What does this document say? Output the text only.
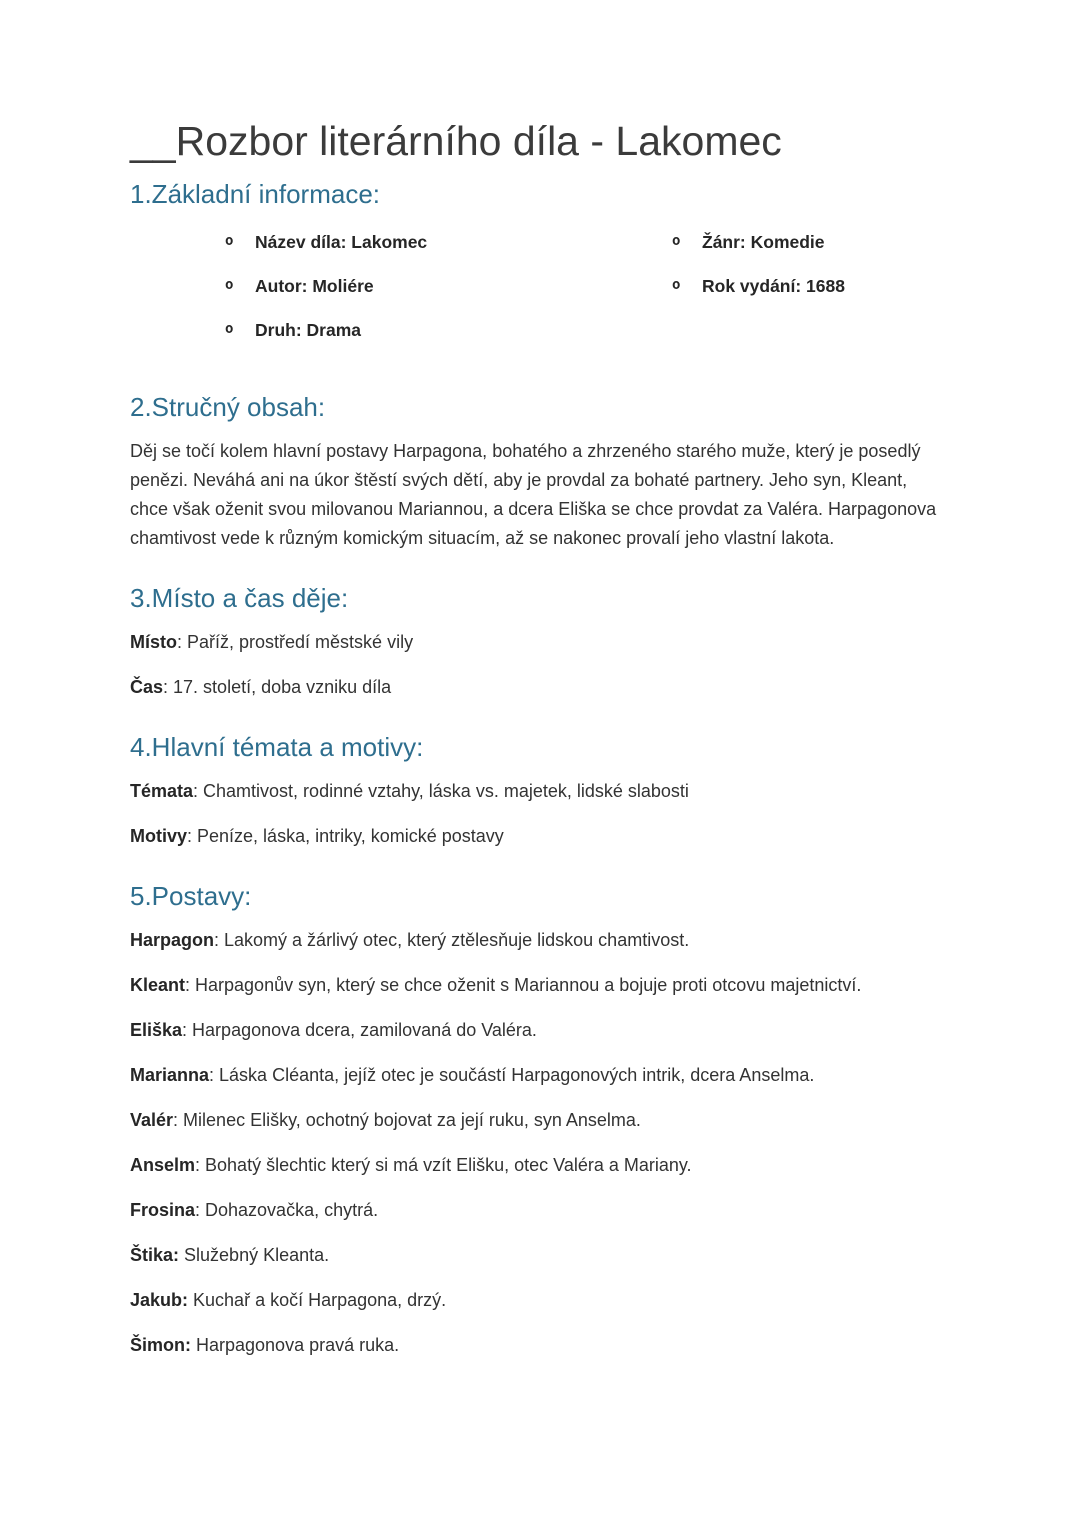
__Rozbor literárního díla - Lakomec
1.Základní informace:
o	Název díla: Lakomec
o	Autor: Moliére
o	Druh: Drama
o	Žánr: Komedie
o	Rok vydání: 1688
2.Stručný obsah:

Děj se točí kolem hlavní postavy Harpagona, bohatého a zhrzeného starého muže, který je posedlý penězi. Neváhá ani na úkor štěstí svých dětí, aby je provdal za bohaté partnery. Jeho syn, Kleant, chce však oženit svou milovanou Mariannou, a dcera Eliška se chce provdat za Valéra. Harpagonova chamtivost vede k různým komickým situacím, až se nakonec provalí jeho vlastní lakota.

3.Místo a čas děje:

Místo: Paříž, prostředí městské vily

Čas: 17. století, doba vzniku díla

4.Hlavní témata a motivy:

Témata: Chamtivost, rodinné vztahy, láska vs. majetek, lidské slabosti

Motivy: Peníze, láska, intriky, komické postavy

5.Postavy:

Harpagon: Lakomý a žárlivý otec, který ztělesňuje lidskou chamtivost.

Kleant: Harpagonův syn, který se chce oženit s Mariannou a bojuje proti otcovu majetnictví.

Eliška: Harpagonova dcera, zamilovaná do Valéra.

Marianna: Láska Cléanta, jejíž otec je součástí Harpagonových intrik, dcera Anselma.

Valér: Milenec Elišky, ochotný bojovat za její ruku, syn Anselma.

Anselm: Bohatý šlechtic který si má vzít Elišku, otec Valéra a Mariany.

Frosina: Dohazovačka, chytrá.

Štika: Služebný Kleanta.

Jakub: Kuchař a kočí Harpagona, drzý.

Šimon: Harpagonova pravá ruka.
